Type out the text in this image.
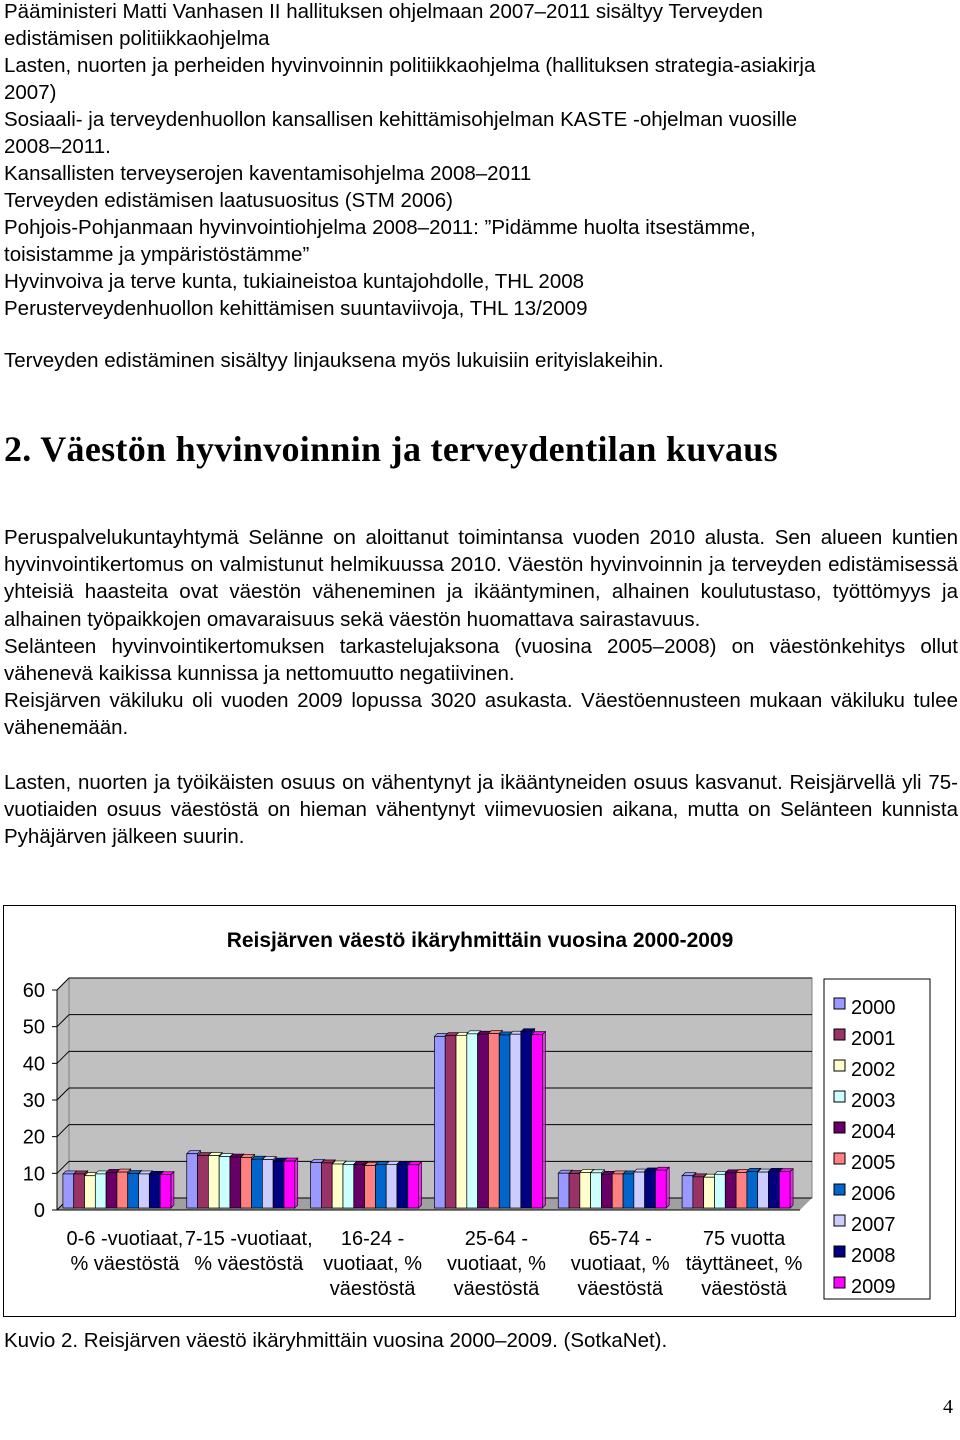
Pääministeri Matti Vanhasen II hallituksen ohjelmaan 2007–2011 sisältyy Terveyden
edistämisen politiikkaohjelma
Lasten, nuorten ja perheiden hyvinvoinnin politiikkaohjelma (hallituksen strategia-asiakirja
2007)
Sosiaali- ja terveydenhuollon kansallisen kehittämisohjelman KASTE -ohjelman vuosille
2008–2011.
Kansallisten terveyserojen kaventamisohjelma 2008–2011
Terveyden edistämisen laatusuositus (STM 2006)
Pohjois-Pohjanmaan hyvinvointiohjelma 2008–2011: ”Pidämme huolta itsestämme,
toisistamme ja ympäristöstämme”
Hyvinvoiva ja terve kunta, tukiaineistoa kuntajohdolle, THL 2008
Perusterveydenhuollon kehittämisen suuntaviivoja, THL 13/2009
Terveyden edistäminen sisältyy linjauksena myös lukuisiin erityislakeihin.
2. Väestön hyvinvoinnin ja terveydentilan kuvaus

Peruspalvelukuntayhtymä Selänne on aloittanut toimintansa vuoden 2010 alusta. Sen alueen kuntien hyvinvointikertomus on valmistunut helmikuussa 2010. Väestön hyvinvoinnin ja terveyden edistämisessä yhteisiä haasteita ovat väestön väheneminen ja ikääntyminen, alhainen koulutustaso, työttömyys ja alhainen työpaikkojen omavaraisuus sekä väestön huomattava sairastavuus.

Selänteen hyvinvointikertomuksen tarkastelujaksona (vuosina 2005–2008) on väestönkehitys ollut vähenevä kaikissa kunnissa ja nettomuutto negatiivinen.

Reisjärven väkiluku oli vuoden 2009 lopussa 3020 asukasta. Väestöennusteen mukaan väkiluku tulee vähenemään.

Lasten, nuorten ja työikäisten osuus on vähentynyt ja ikääntyneiden osuus kasvanut. Reisjärvellä yli 75-vuotiaiden osuus väestöstä on hieman vähentynyt viimevuosien aikana, mutta on Selänteen kunnista Pyhäjärven jälkeen suurin.

Reisjärven väestö ikäryhmittäin vuosina 2000-2009
0
10
20
30
40
50
60
0-6 -vuotiaat,
% väestöstä
7-15 -vuotiaat,
% väestöstä
16-24 -
vuotiaat, %
väestöstä
25-64 -
vuotiaat, %
väestöstä
65-74 -
vuotiaat, %
väestöstä
75 vuotta
täyttäneet, %
väestöstä
2000
2001
2002
2003
2004
2005
2006
2007
2008
2009
Kuvio 2. Reisjärven väestö ikäryhmittäin vuosina 2000–2009. (SotkaNet).
4
